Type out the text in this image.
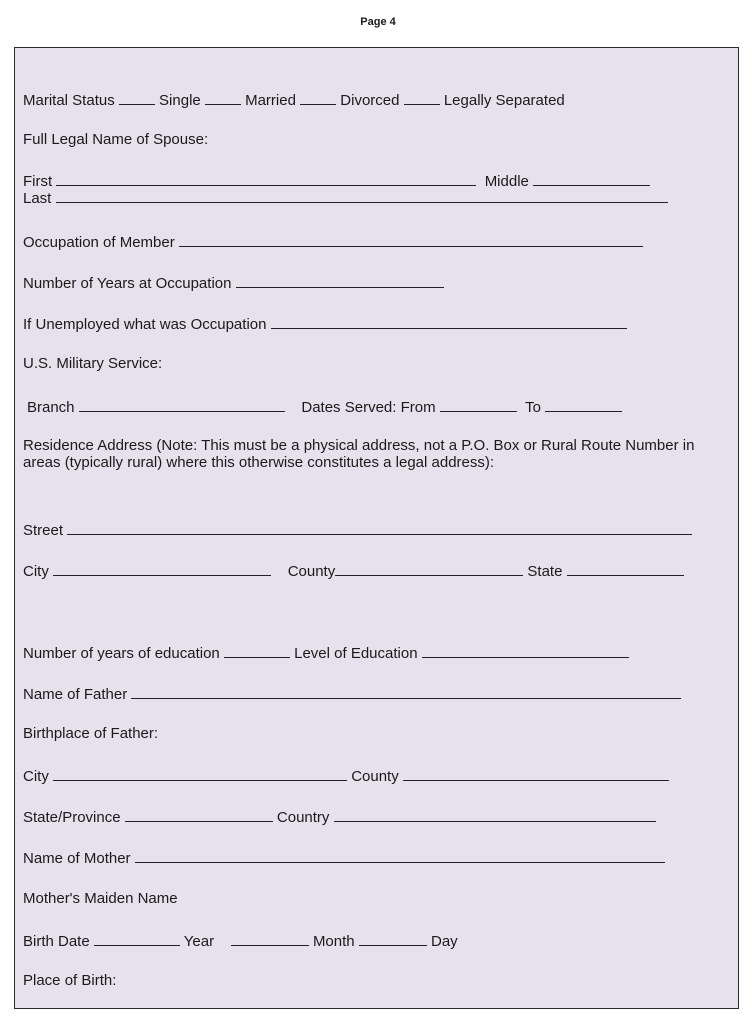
Page 4
Marital Status	Single	Married	Divorced	Legally Separated
Full Legal Name of Spouse:
First	Middle
Last
Occupation of Member
Number of Years at Occupation
If Unemployed what was Occupation
U.S. Military Service:
Branch	Dates Served: From	To
Residence Address (Note: This must be a physical address, not a P.O. Box or Rural Route Number in areas (typically rural) where this otherwise constitutes a legal address):
Street
City	County	State
Number of years of education	Level of Education
Name of Father
Birthplace of Father:
City	County
State/Province	Country
Name of Mother
Mother's Maiden Name
Birth Date	Year	Month	Day
Place of Birth:
